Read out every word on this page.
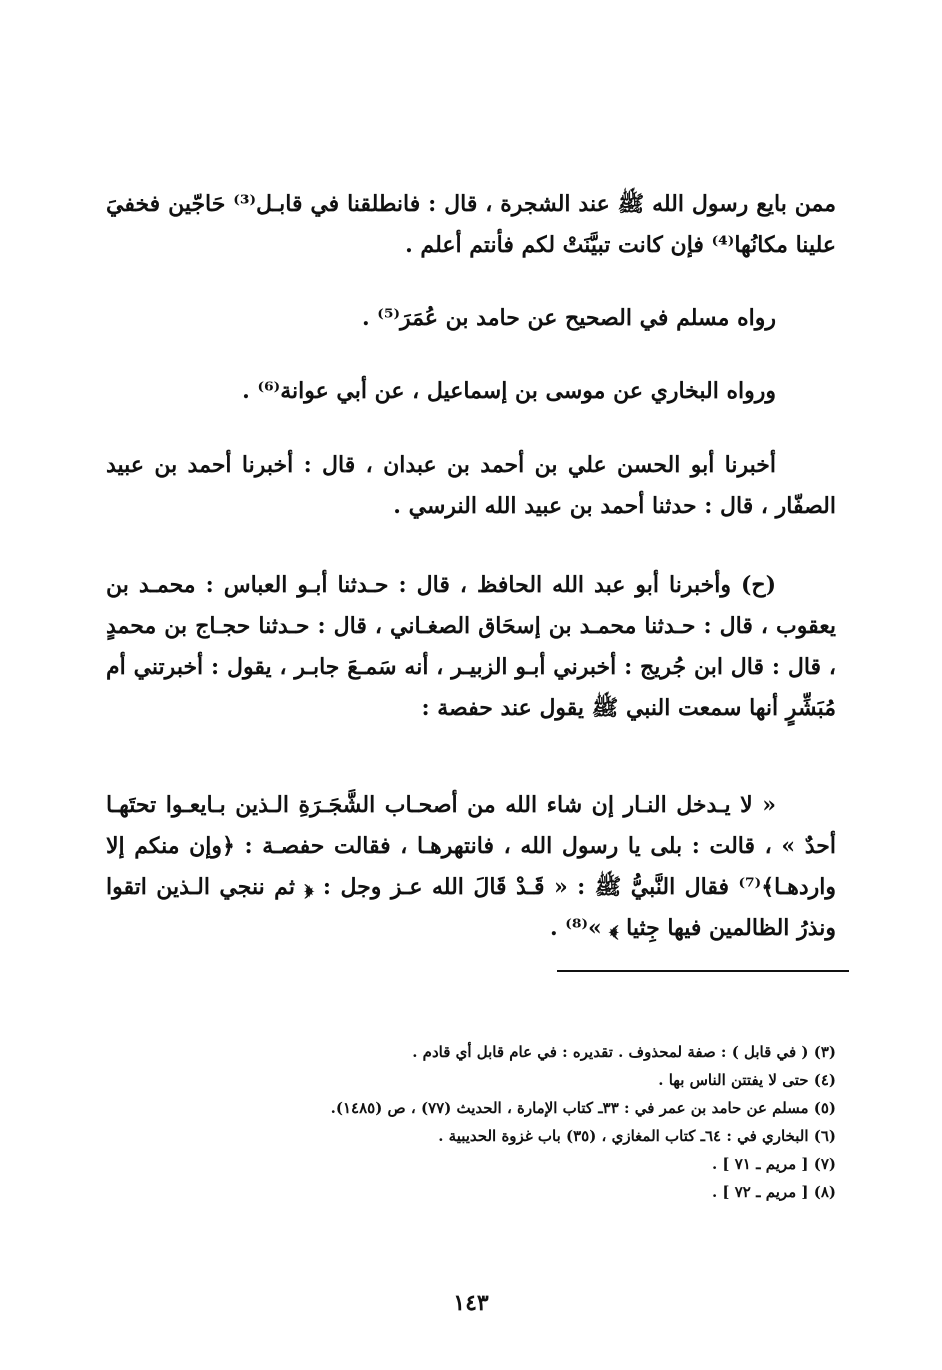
ممن بايع رسول الله ﷺ عند الشجرة ، قال : فانطلقنا في قابـل⁽³⁾ حَاجّين فخفيَ علينا مكانُها⁽⁴⁾ فإن كانت تبيَّنَتْ لكم فأنتم أعلم .

رواه مسلم في الصحيح عن حامد بن عُمَرَ⁽⁵⁾ .

ورواه البخاري عن موسى بن إسماعيل ، عن أبي عوانة⁽⁶⁾ .

أخبرنا أبو الحسن علي بن أحمد بن عبدان ، قال : أخبرنا أحمد بن عبيد الصفّار ، قال : حدثنا أحمد بن عبيد الله النرسي .

(ح) وأخبرنا أبو عبد الله الحافظ ، قال : حـدثنا أبـو العباس : محمـد بن يعقوب ، قال : حـدثنا محمـد بن إسحَاق الصغـاني ، قال : حـدثنا حجـاج بن محمدٍ ، قال : قال ابن جُريج : أخبرني أبـو الزبيـر ، أنه سَمـعَ جابـر ، يقول : أخبرتني أم مُبَشِّرٍ أنها سمعت النبي ﷺ يقول عند حفصة :

« لا يـدخل النـار إن شاء الله من أصحـاب الشَّجَـرَةِ الـذين بـايعـوا تحتَهـا أحدٌ » ، قالت : بلى يا رسول الله ، فانتهرهـا ، فقالت حفصـة : ﴿وإن منكم إلا واردهـا﴾⁽⁷⁾ فقال النَّبيُّ ﷺ : « قَـدْ قَالَ الله عـز وجل : ﴿ ثم ننجي الـذين اتقوا ونذرُ الظالمين فيها جِثيا ﴾ »⁽⁸⁾ .

(٣) ( في قابل ) : صفة لمحذوف . تقديره : في عام قابل أي قادم .
(٤) حتى لا يفتتن الناس بها .
(٥) مسلم عن حامد بن عمر في : ٣٣ـ كتاب الإمارة ، الحديث (٧٧) ، ص (١٤٨٥).
(٦) البخاري في : ٦٤ـ كتاب المغازي ، (٣٥) باب غزوة الحديبية .
(٧) [ مريم ـ ٧١ ] .
(٨) [ مريم ـ ٧٢ ] .
١٤٣
